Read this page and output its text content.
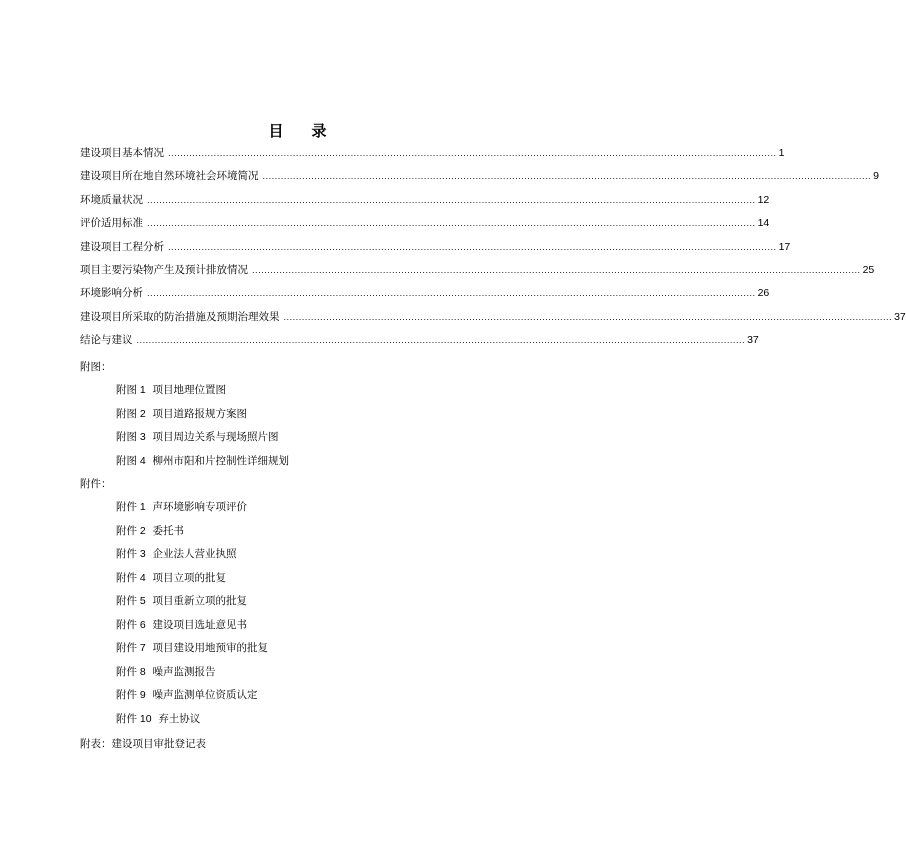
目 录
建设项目基本情况 ........................................................................................................................................................................................................ 1
建设项目所在地自然环境社会环境简况 ........................................................................................................................................................................................................ 9
环境质量状况 ........................................................................................................................................................................................................ 12
评价适用标准 ........................................................................................................................................................................................................ 14
建设项目工程分析 ........................................................................................................................................................................................................ 17
项目主要污染物产生及预计排放情况 ........................................................................................................................................................................................................ 25
环境影响分析 ........................................................................................................................................................................................................ 26
建设项目所采取的防治措施及预期治理效果 ........................................................................................................................................................................................................ 37
结论与建议 ........................................................................................................................................................................................................ 37
附图：
附图 1 项目地理位置图
附图 2 项目道路报规方案图
附图 3 项目周边关系与现场照片图
附图 4 柳州市阳和片控制性详细规划
附件：
附件 1 声环境影响专项评价
附件 2 委托书
附件 3 企业法人营业执照
附件 4 项目立项的批复
附件 5 项目重新立项的批复
附件 6 建设项目选址意见书
附件 7 项目建设用地预审的批复
附件 8 噪声监测报告
附件 9 噪声监测单位资质认定
附件 10 弃土协议
附表：建设项目审批登记表
